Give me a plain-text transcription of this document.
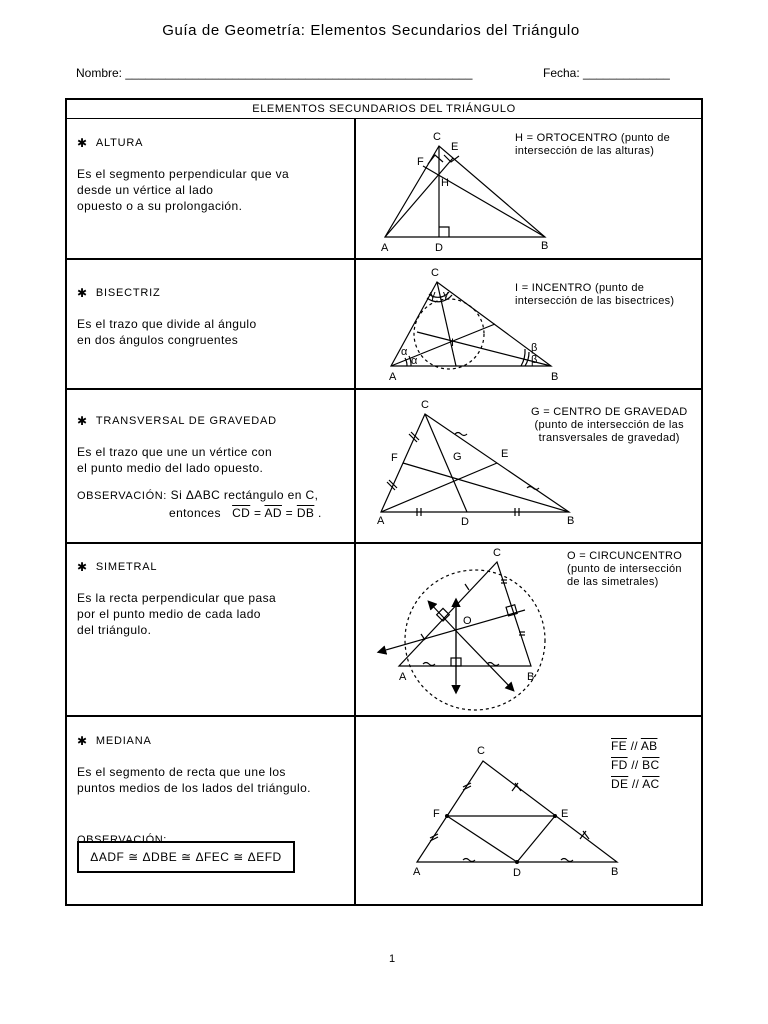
Guía de Geometría: Elementos Secundarios del Triángulo
Nombre: ____________________________________________________	Fecha: _____________
ELEMENTOS SECUNDARIOS DEL TRIÁNGULO
✱ ALTURA
Es el segmento perpendicular que va
desde un vértice al lado
opuesto o a su prolongación.
C
E
F
H
A	D	B
H = ORTOCENTRO (punto de
intersección de las alturas)
✱ BISECTRIZ
Es el trazo que divide al ángulo
en dos ángulos congruentes
C
I
A	B
α
α
β
β
γ γ
I = INCENTRO (punto de
intersección de las bisectrices)
✱ TRANSVERSAL DE GRAVEDAD
Es el trazo que une un vértice con
el punto medio del lado opuesto.
OBSERVACIÓN: Si ΔABC rectángulo en C,
entonces $\overline{CD} = \overline{AD} = \overline{DB}$ .
C
G	E
F
A	D	B
G = CENTRO DE GRAVEDAD
(punto de intersección de las
transversales de gravedad)
✱ SIMETRAL
Es la recta perpendicular que pasa
por el punto medio de cada lado
del triángulo.
C
O
A	B
O = CIRCUNCENTRO
(punto de intersección
de las simetrales)
✱ MEDIANA
Es el segmento de recta que une los
puntos medios de los lados del triángulo.
OBSERVACIÓN:
ΔADF ≅ ΔDBE ≅ ΔFEC ≅ ΔEFD
C
F	E
A	D	B
$\overline{FE} // \overline{AB}$
$\overline{FD} // \overline{BC}$
$\overline{DE} // \overline{AC}$
1
